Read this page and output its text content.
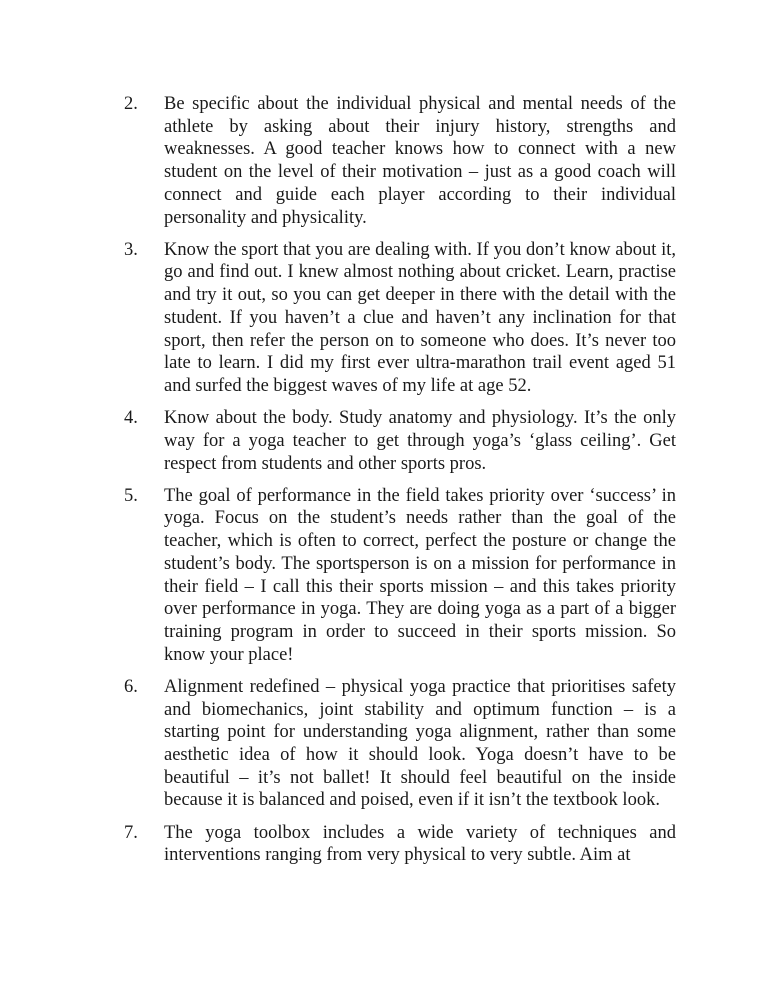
2.	Be specific about the individual physical and mental needs of the athlete by asking about their injury history, strengths and weaknesses. A good teacher knows how to connect with a new student on the level of their motivation – just as a good coach will connect and guide each player according to their individual personality and physicality.
3.	Know the sport that you are dealing with. If you don’t know about it, go and find out. I knew almost nothing about cricket. Learn, practise and try it out, so you can get deeper in there with the detail with the student. If you haven’t a clue and haven’t any inclination for that sport, then refer the person on to someone who does. It’s never too late to learn. I did my first ever ultra-marathon trail event aged 51 and surfed the biggest waves of my life at age 52.
4.	Know about the body. Study anatomy and physiology. It’s the only way for a yoga teacher to get through yoga’s ‘glass ceiling’. Get respect from students and other sports pros.
5.	The goal of performance in the field takes priority over ‘success’ in yoga. Focus on the student’s needs rather than the goal of the teacher, which is often to correct, perfect the posture or change the student’s body. The sportsperson is on a mission for performance in their field – I call this their sports mission – and this takes priority over performance in yoga. They are doing yoga as a part of a bigger training program in order to succeed in their sports mission. So know your place!
6.	Alignment redefined – physical yoga practice that prioritises safety and biomechanics, joint stability and optimum function – is a starting point for understanding yoga alignment, rather than some aesthetic idea of how it should look. Yoga doesn’t have to be beautiful – it’s not ballet! It should feel beautiful on the inside because it is balanced and poised, even if it isn’t the textbook look.
7.	The yoga toolbox includes a wide variety of techniques and interventions ranging from very physical to very subtle. Aim at
